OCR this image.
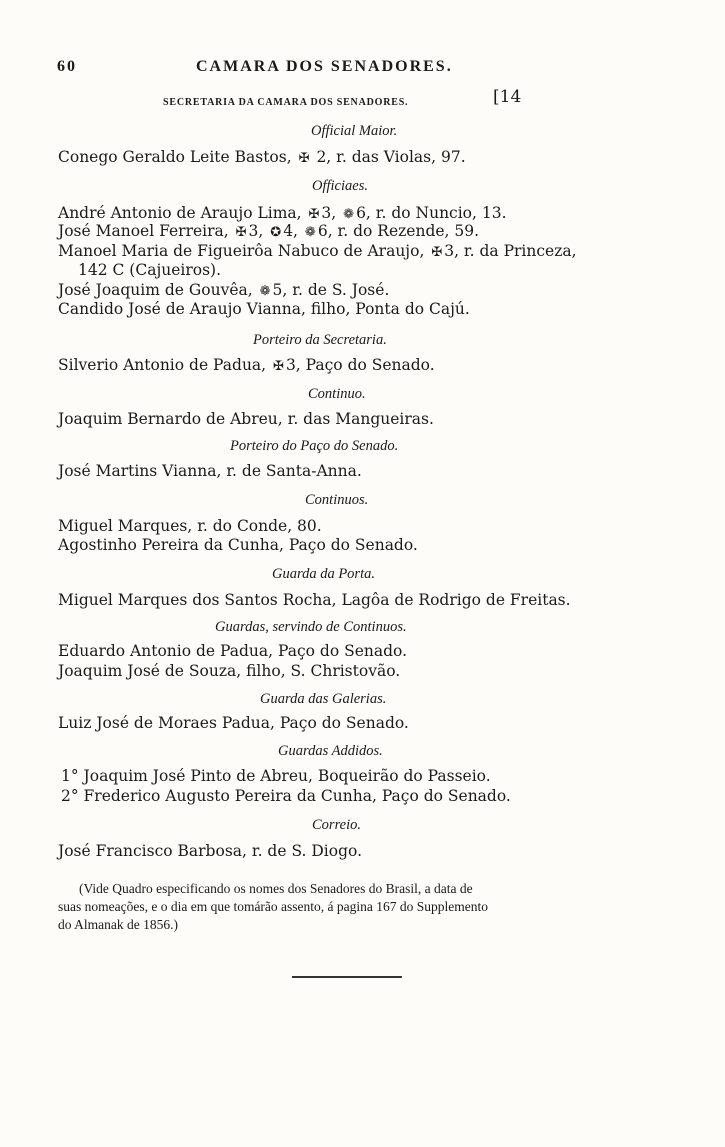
60	CAMARA DOS SENADORES.
SECRETARIA DA CAMARA DOS SENADORES.	[14
Official Maior.
Conego Geraldo Leite Bastos, ✠ 2, r. das Violas, 97.
Officiaes.
André Antonio de Araujo Lima, ✠ 3, ❁ 6, r. do Nuncio, 13.
José Manoel Ferreira, ✠ 3, ✪ 4, ❁ 6, r. do Rezende, 59.
Manoel Maria de Figueirôa Nabuco de Araujo, ✠ 3, r. da Princeza,
142 C (Cajueiros).
José Joaquim de Gouvêa, ❁ 5, r. de S. José.
Candido José de Araujo Vianna, filho, Ponta do Cajú.
Porteiro da Secretaria.
Silverio Antonio de Padua, ✠ 3, Paço do Senado.
Continuo.
Joaquim Bernardo de Abreu, r. das Mangueiras.
Porteiro do Paço do Senado.
José Martins Vianna, r. de Santa-Anna.
Continuos.
Miguel Marques, r. do Conde, 80.
Agostinho Pereira da Cunha, Paço do Senado.
Guarda da Porta.
Miguel Marques dos Santos Rocha, Lagôa de Rodrigo de Freitas.
Guardas, servindo de Continuos.
Eduardo Antonio de Padua, Paço do Senado.
Joaquim José de Souza, filho, S. Christovão.
Guarda das Galerias.
Luiz José de Moraes Padua, Paço do Senado.
Guardas Addidos.
1° Joaquim José Pinto de Abreu, Boqueirão do Passeio.
2° Frederico Augusto Pereira da Cunha, Paço do Senado.
Correio.
José Francisco Barbosa, r. de S. Diogo.
(Vide Quadro especificando os nomes dos Senadores do Brasil, a data de
suas nomeações, e o dia em que tomárão assento, á pagina 167 do Supplemento
do Almanak de 1856.)
